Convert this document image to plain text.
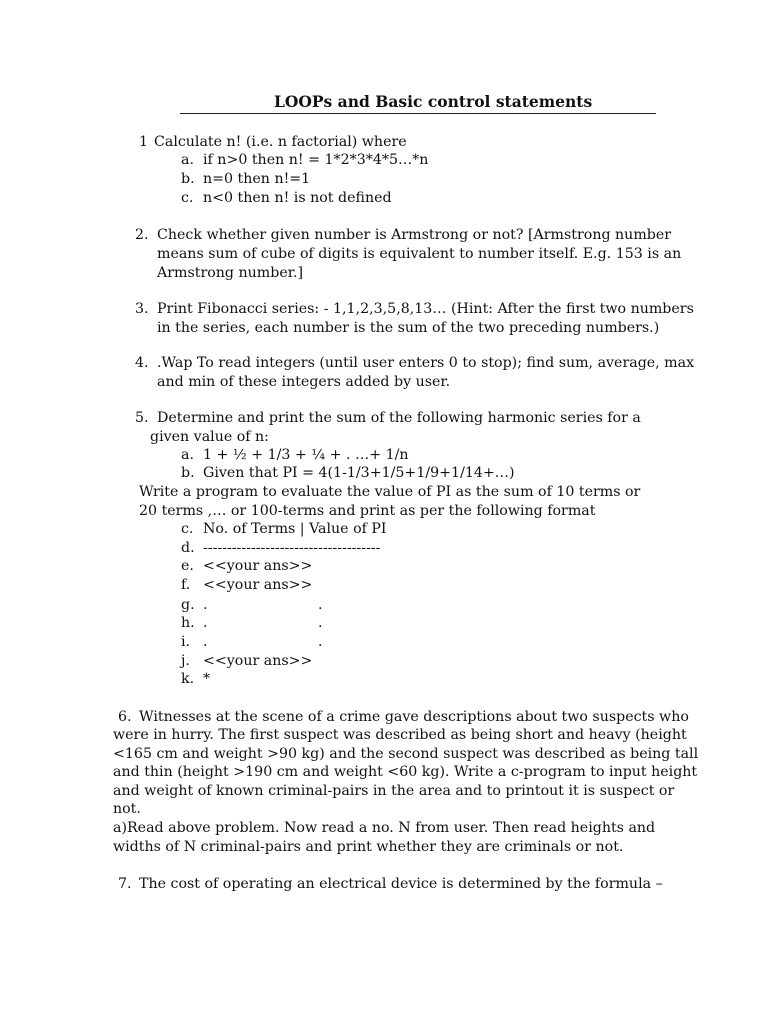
LOOPs and Basic control statements
1 Calculate n! (i.e. n factorial) where
a. if n>0 then n! = 1*2*3*4*5…*n
b. n=0 then n!=1
c. n<0 then n! is not defined
2. Check whether given number is Armstrong or not? [Armstrong number
means sum of cube of digits is equivalent to number itself. E.g. 153 is an
Armstrong number.]
3. Print Fibonacci series: - 1,1,2,3,5,8,13… (Hint: After the first two numbers
in the series, each number is the sum of the two preceding numbers.)
4. .Wap To read integers (until user enters 0 to stop); find sum, average, max
and min of these integers added by user.
5. Determine and print the sum of the following harmonic series for a
given value of n:
a. 1 + ½ + 1/3 + ¼ + . …+ 1/n
b. Given that PI = 4(1-1/3+1/5+1/9+1/14+…)
Write a program to evaluate the value of PI as the sum of 10 terms or
20 terms ,… or 100-terms and print as per the following format
c. No. of Terms | Value of PI
d. -------------------------------------
e. <<your ans>>
f. <<your ans>>
g. .	.
h. .	.
i. .	.
j. <<your ans>>
k. *
6. Witnesses at the scene of a crime gave descriptions about two suspects who
were in hurry. The first suspect was described as being short and heavy (height
<165 cm and weight >90 kg) and the second suspect was described as being tall
and thin (height >190 cm and weight <60 kg). Write a c-program to input height
and weight of known criminal-pairs in the area and to printout it is suspect or
not.
a)Read above problem. Now read a no. N from user. Then read heights and
widths of N criminal-pairs and print whether they are criminals or not.
7. The cost of operating an electrical device is determined by the formula –
